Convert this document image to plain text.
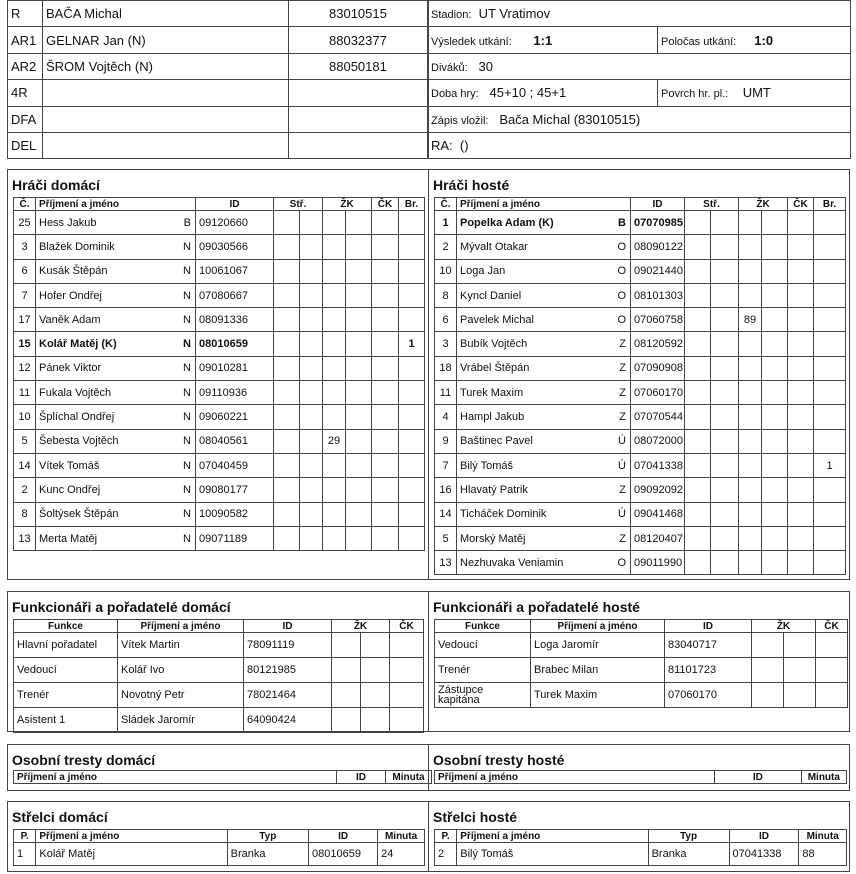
R	BAČA Michal	83010515
AR1	GELNAR Jan (N)	88032377
AR2	ŠROM Vojtěch (N)	88050181
4R		
DFA		
DEL		
Stadion: UT Vratimov	
Výsledek utkání: 1:1	Poločas utkání: 1:0
Diváků: 30	
Doba hry: 45+10 ; 45+1	Povrch hr. pl.: UMT
Zápis vložil: Bača Michal (83010515)	
RA: ()	
Hráči domácí
Č.	Příjmení a jméno	ID	Stř.		ŽK		ČK	Br.
25	Hess Jakub B	09120660						
3	Blažek Dominik N	09030566						
6	Kusák Štěpán N	10061067						
7	Hofer Ondřej N	07080667						
17	Vaněk Adam N	08091336						
15	Kolář Matěj (K) N	08010659						1
12	Pánek Viktor N	09010281						
11	Fukala Vojtěch N	09110936						
10	Šplíchal Ondřej N	09060221						
5	Šebesta Vojtěch N	08040561			29			
14	Vítek Tomáš N	07040459						
2	Kunc Ondřej N	09080177						
8	Šoltýsek Štěpán N	10090582						
13	Merta Matěj N	09071189						
Hráči hosté
Č.	Příjmení a jméno	ID	Stř.		ŽK		ČK	Br.
1	Popelka Adam (K) B	07070985						
2	Mývalt Otakar O	08090122						
10	Loga Jan O	09021440						
8	Kyncl Daniel O	08101303						
6	Pavelek Michal O	07060758			89			
3	Bubík Vojtěch Z	08120592						
18	Vrábel Štěpán Z	07090908						
11	Turek Maxim Z	07060170						
4	Hampl Jakub Z	07070544						
9	Baštinec Pavel Ú	08072000						
7	Bilý Tomáš Ú	07041338						1
16	Hlavatý Patrik Z	09092092						
14	Ticháček Dominik Ú	09041468						
5	Morský Matěj Z	08120407						
13	Nezhuvaka Veniamin O	09011990						
Funkcionáři a pořadatelé domácí
Funkce	Příjmení a jméno	ID	ŽK		ČK
Hlavní pořadatel	Vítek Martin	78091119			
Vedoucí	Kolář Ivo	80121985			
Trenér	Novotný Petr	78021464			
Asistent 1	Sládek Jaromír	64090424			
Funkcionáři a pořadatelé hosté
Funkce	Příjmení a jméno	ID	ŽK		ČK
Vedoucí	Loga Jaromír	83040717			
Trenér	Brabec Milan	81101723			
Zástupce kapitána	Turek Maxim	07060170			
Osobní tresty domácí
Příjmení a jméno	ID	Minuta
Osobní tresty hosté
Příjmení a jméno	ID	Minuta
Střelci domácí
P.	Příjmení a jméno	Typ	ID	Minuta
1	Kolář Matěj	Branka	08010659	24
Střelci hosté
P.	Příjmení a jméno	Typ	ID	Minuta
2	Bilý Tomáš	Branka	07041338	88
